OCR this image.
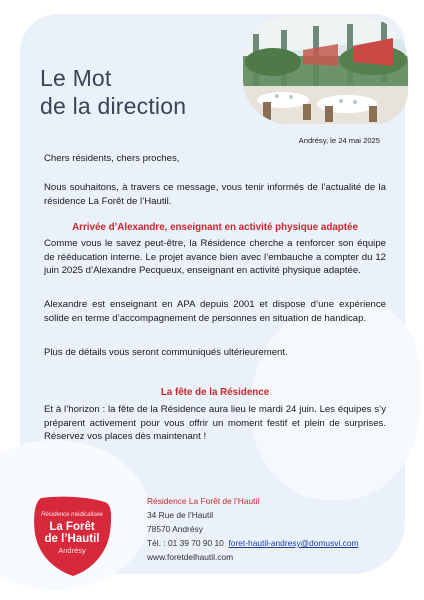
Le Mot
de la direction
Andrésy, le 24 mai 2025
Chers résidents, chers proches,
Nous souhaitons, à travers ce message, vous tenir informés de l’actualité de la résidence La Forêt de l’Hautil.
Arrivée d’Alexandre, enseignant en activité physique adaptée
Comme vous le savez peut-être, la Résidence cherche a renforcer son équipe de rééducation interne. Le projet avance bien avec l’embauche a compter du 12 juin 2025 d’Alexandre Pecqueux, enseignant en activité physique adaptée.
Alexandre est enseignant en APA depuis 2001 et dispose d’une expérience solide en terme d’accompagnement de personnes en situation de handicap.
Plus de détails vous seront communiqués ultérieurement.
La fête de la Résidence
Et à l’horizon : la fête de la Résidence aura lieu le mardi 24 juin. Les équipes s’y préparent activement pour vous offrir un moment festif et plein de surprises. Réservez vos places dès maintenant !
Résidence médicalisée
La Forêt
de l’Hautil
Andrésy
Résidence La Forêt de l’Hautil
34 Rue de l’Hautil
78570 Andrésy
Tél. : 01 39 70 90 10 foret-hautil-andresy@domusvi.com
www.foretdelhautil.com
